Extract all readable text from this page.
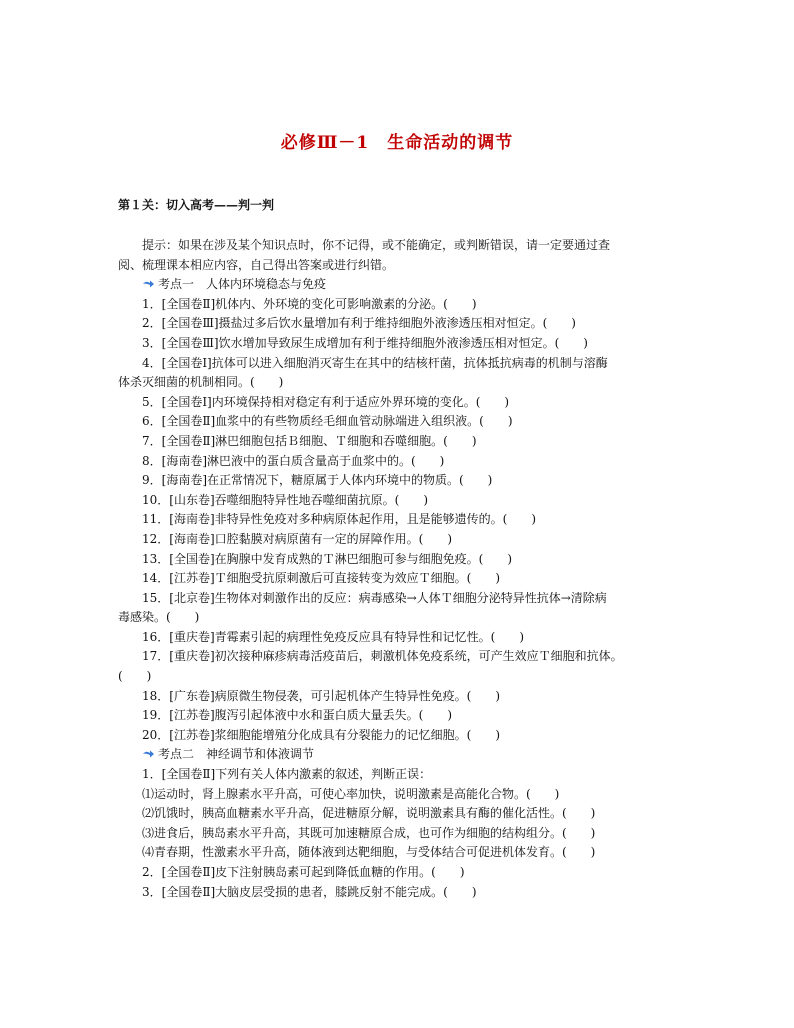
必修Ⅲ－1　生命活动的调节
第１关：切入高考——判一判
提示：如果在涉及某个知识点时，你不记得，或不能确定，或判断错误，请一定要通过查
阅、梳理课本相应内容，自己得出答案或进行纠错。
考点一　人体内环境稳态与免疫
1．[全国卷Ⅱ]机体内、外环境的变化可影响激素的分泌。(　　)
2．[全国卷Ⅲ]摄盐过多后饮水量增加有利于维持细胞外液渗透压相对恒定。(　　)
3．[全国卷Ⅲ]饮水增加导致尿生成增加有利于维持细胞外液渗透压相对恒定。(　　)
4．[全国卷Ⅰ]抗体可以进入细胞消灭寄生在其中的结核杆菌，抗体抵抗病毒的机制与溶酶
体杀灭细菌的机制相同。(　　)
5．[全国卷Ⅰ]内环境保持相对稳定有利于适应外界环境的变化。(　　)
6．[全国卷Ⅱ]血浆中的有些物质经毛细血管动脉端进入组织液。(　　)
7．[全国卷Ⅱ]淋巴细胞包括Ｂ细胞、Ｔ细胞和吞噬细胞。(　　)
8．[海南卷]淋巴液中的蛋白质含量高于血浆中的。(　　)
9．[海南卷]在正常情况下，糖原属于人体内环境中的物质。(　　)
10．[山东卷]吞噬细胞特异性地吞噬细菌抗原。(　　)
11．[海南卷]非特异性免疫对多种病原体起作用，且是能够遗传的。(　　)
12．[海南卷]口腔黏膜对病原菌有一定的屏障作用。(　　)
13．[全国卷]在胸腺中发育成熟的Ｔ淋巴细胞可参与细胞免疫。(　　)
14．[江苏卷]Ｔ细胞受抗原刺激后可直接转变为效应Ｔ细胞。(　　)
15．[北京卷]生物体对刺激作出的反应：病毒感染→人体Ｔ细胞分泌特异性抗体→清除病
毒感染。(　　)
16．[重庆卷]青霉素引起的病理性免疫反应具有特异性和记忆性。(　　)
17．[重庆卷]初次接种麻疹病毒活疫苗后，刺激机体免疫系统，可产生效应Ｔ细胞和抗体。
(　　)
18．[广东卷]病原微生物侵袭，可引起机体产生特异性免疫。(　　)
19．[江苏卷]腹泻引起体液中水和蛋白质大量丢失。(　　)
20．[江苏卷]浆细胞能增殖分化成具有分裂能力的记忆细胞。(　　)
考点二　神经调节和体液调节
1．[全国卷Ⅱ]下列有关人体内激素的叙述，判断正误：
⑴运动时，肾上腺素水平升高，可使心率加快，说明激素是高能化合物。(　　)
⑵饥饿时，胰高血糖素水平升高，促进糖原分解，说明激素具有酶的催化活性。(　　)
⑶进食后，胰岛素水平升高，其既可加速糖原合成，也可作为细胞的结构组分。(　　)
⑷青春期，性激素水平升高，随体液到达靶细胞，与受体结合可促进机体发育。(　　)
2．[全国卷Ⅱ]皮下注射胰岛素可起到降低血糖的作用。(　　)
3．[全国卷Ⅱ]大脑皮层受损的患者，膝跳反射不能完成。(　　)
